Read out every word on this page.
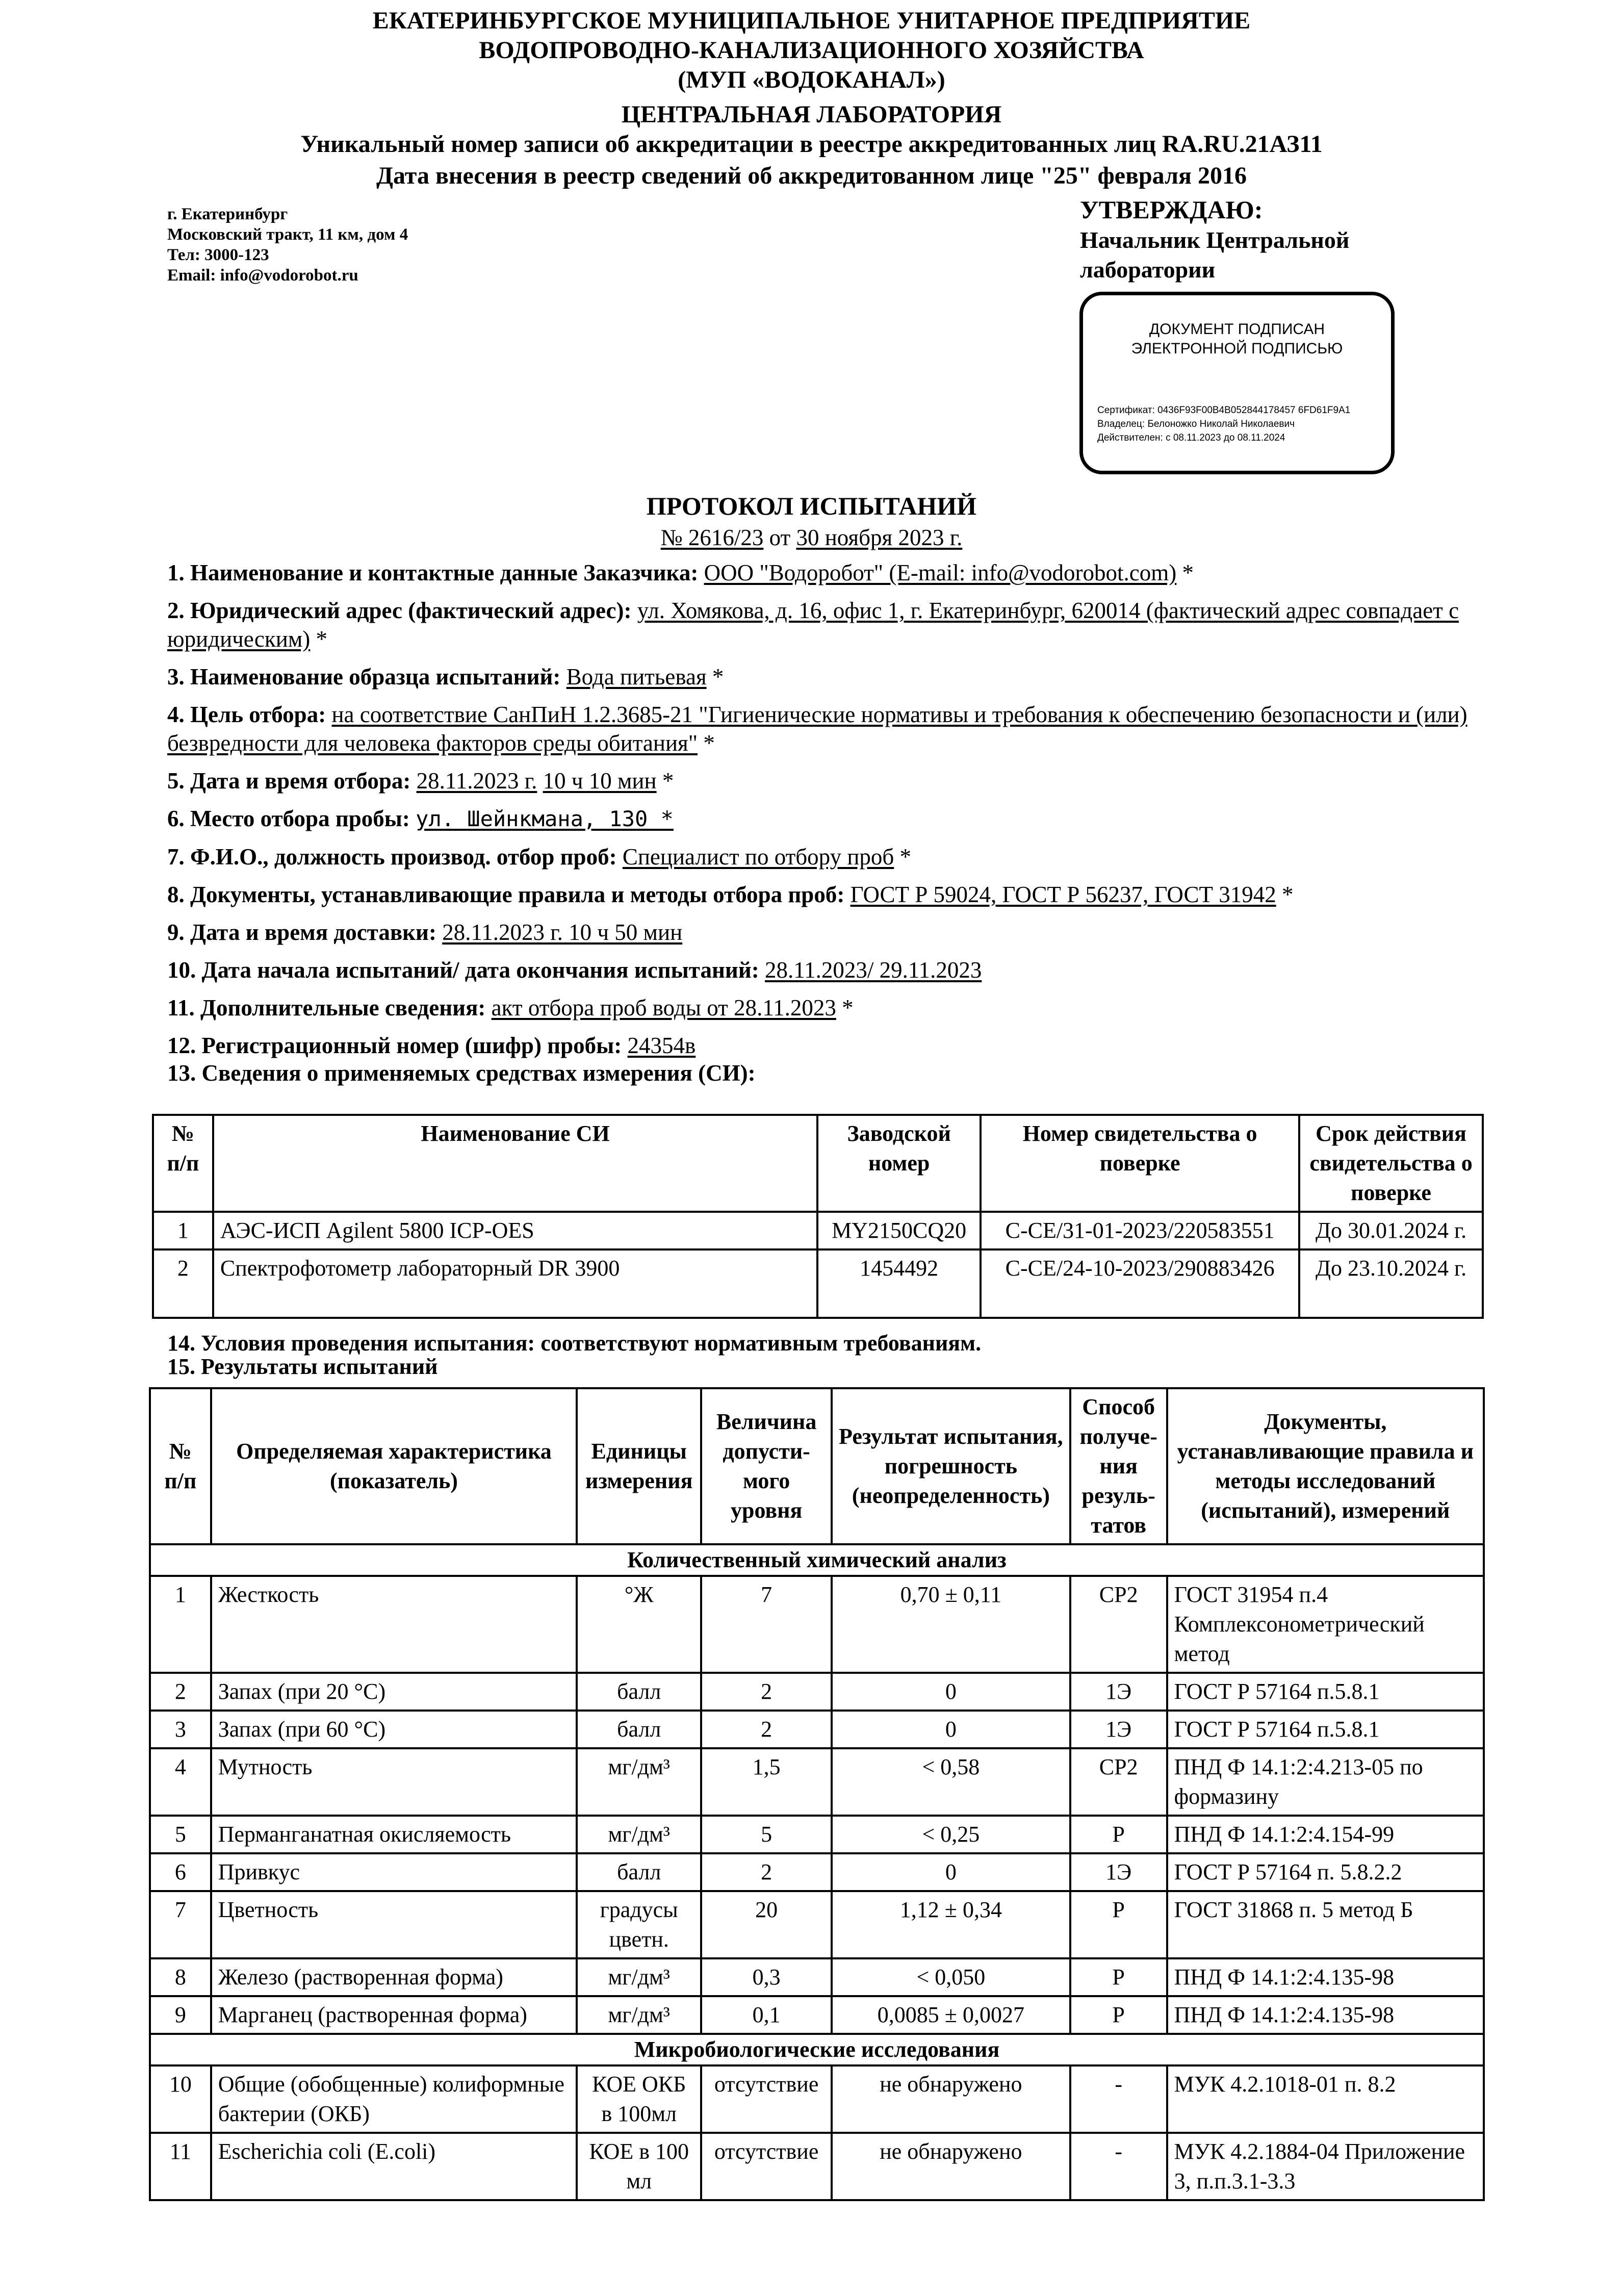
ЕКАТЕРИНБУРГСКОЕ МУНИЦИПАЛЬНОЕ УНИТАРНОЕ ПРЕДПРИЯТИЕ
ВОДОПРОВОДНО-КАНАЛИЗАЦИОННОГО ХОЗЯЙСТВА
(МУП «ВОДОКАНАЛ»)
ЦЕНТРАЛЬНАЯ ЛАБОРАТОРИЯ
Уникальный номер записи об аккредитации в реестре аккредитованных лиц RA.RU.21АЗ11
Дата внесения в реестр сведений об аккредитованном лице "25" февраля 2016
г. Екатеринбург
Московский тракт, 11 км, дом 4
Тел: 3000-123
Email: info@vodorobot.ru
УТВЕРЖДАЮ:
Начальник Центральной
лаборатории
ДОКУМЕНТ ПОДПИСАН
ЭЛЕКТРОННОЙ ПОДПИСЬЮ
Сертификат: 0436F93F00B4B052844178457 6FD61F9A1
Владелец: Белоножко Николай Николаевич
Действителен: с 08.11.2023 до 08.11.2024
ПРОТОКОЛ ИСПЫТАНИЙ
№ 2616/23 от 30 ноября 2023 г.
1. Наименование и контактные данные Заказчика: ООО "Водоробот" (E-mail: info@vodorobot.com) *
2. Юридический адрес (фактический адрес): ул. Хомякова, д. 16, офис 1, г. Екатеринбург, 620014 (фактический адрес совпадает с юридическим) *
3. Наименование образца испытаний: Вода питьевая *
4. Цель отбора: на соответствие СанПиН 1.2.3685-21 "Гигиенические нормативы и требования к обеспечению безопасности и (или) безвредности для человека факторов среды обитания" *
5. Дата и время отбора: 28.11.2023 г. 10 ч 10 мин *
6. Место отбора пробы: ул. Шейнкмана, 130 *
7. Ф.И.О., должность производ. отбор проб: Специалист по отбору проб *
8. Документы, устанавливающие правила и методы отбора проб: ГОСТ Р 59024, ГОСТ Р 56237, ГОСТ 31942 *
9. Дата и время доставки: 28.11.2023 г. 10 ч 50 мин
10. Дата начала испытаний/ дата окончания испытаний: 28.11.2023/ 29.11.2023
11. Дополнительные сведения: акт отбора проб воды от 28.11.2023 *
12. Регистрационный номер (шифр) пробы: 24354в
13. Сведения о применяемых средствах измерения (СИ):
№ п/п	Наименование СИ	Заводской номер	Номер свидетельства о поверке	Срок действия свидетельства о поверке
1	АЭС-ИСП Agilent 5800 ICP-OES	MY2150CQ20	С-СЕ/31-01-2023/220583551	До 30.01.2024 г.
2	Спектрофотометр лабораторный DR 3900	1454492	С-СЕ/24-10-2023/290883426	До 23.10.2024 г.
14. Условия проведения испытания: соответствуют нормативным требованиям.
15. Результаты испытаний
№ п/п	Определяемая характеристика (показатель)	Единицы измерения	Величина допусти-мого уровня	Результат испытания, погрешность (неопределенность)	Способ получе-ния резуль-татов	Документы, устанавливающие правила и методы исследований (испытаний), измерений
Количественный химический анализ						
1	Жесткость	°Ж	7	0,70 ± 0,11	СР2	ГОСТ 31954 п.4 Комплексонометрический метод
2	Запах (при 20 °С)	балл	2	0	1Э	ГОСТ Р 57164 п.5.8.1
3	Запах (при 60 °С)	балл	2	0	1Э	ГОСТ Р 57164 п.5.8.1
4	Мутность	мг/дм³	1,5	< 0,58	СР2	ПНД Ф 14.1:2:4.213-05 по формазину
5	Перманганатная окисляемость	мг/дм³	5	< 0,25	Р	ПНД Ф 14.1:2:4.154-99
6	Привкус	балл	2	0	1Э	ГОСТ Р 57164 п. 5.8.2.2
7	Цветность	градусы цветн.	20	1,12 ± 0,34	Р	ГОСТ 31868 п. 5 метод Б
8	Железо (растворенная форма)	мг/дм³	0,3	< 0,050	Р	ПНД Ф 14.1:2:4.135-98
9	Марганец (растворенная форма)	мг/дм³	0,1	0,0085 ± 0,0027	Р	ПНД Ф 14.1:2:4.135-98
Микробиологические исследования						
10	Общие (обобщенные) колиформные бактерии (ОКБ)	КОЕ ОКБ в 100мл	отсутствие	не обнаружено	-	МУК 4.2.1018-01 п. 8.2
11	Escherichia coli (E.coli)	КОЕ в 100 мл	отсутствие	не обнаружено	-	МУК 4.2.1884-04 Приложение 3, п.п.3.1-3.3
